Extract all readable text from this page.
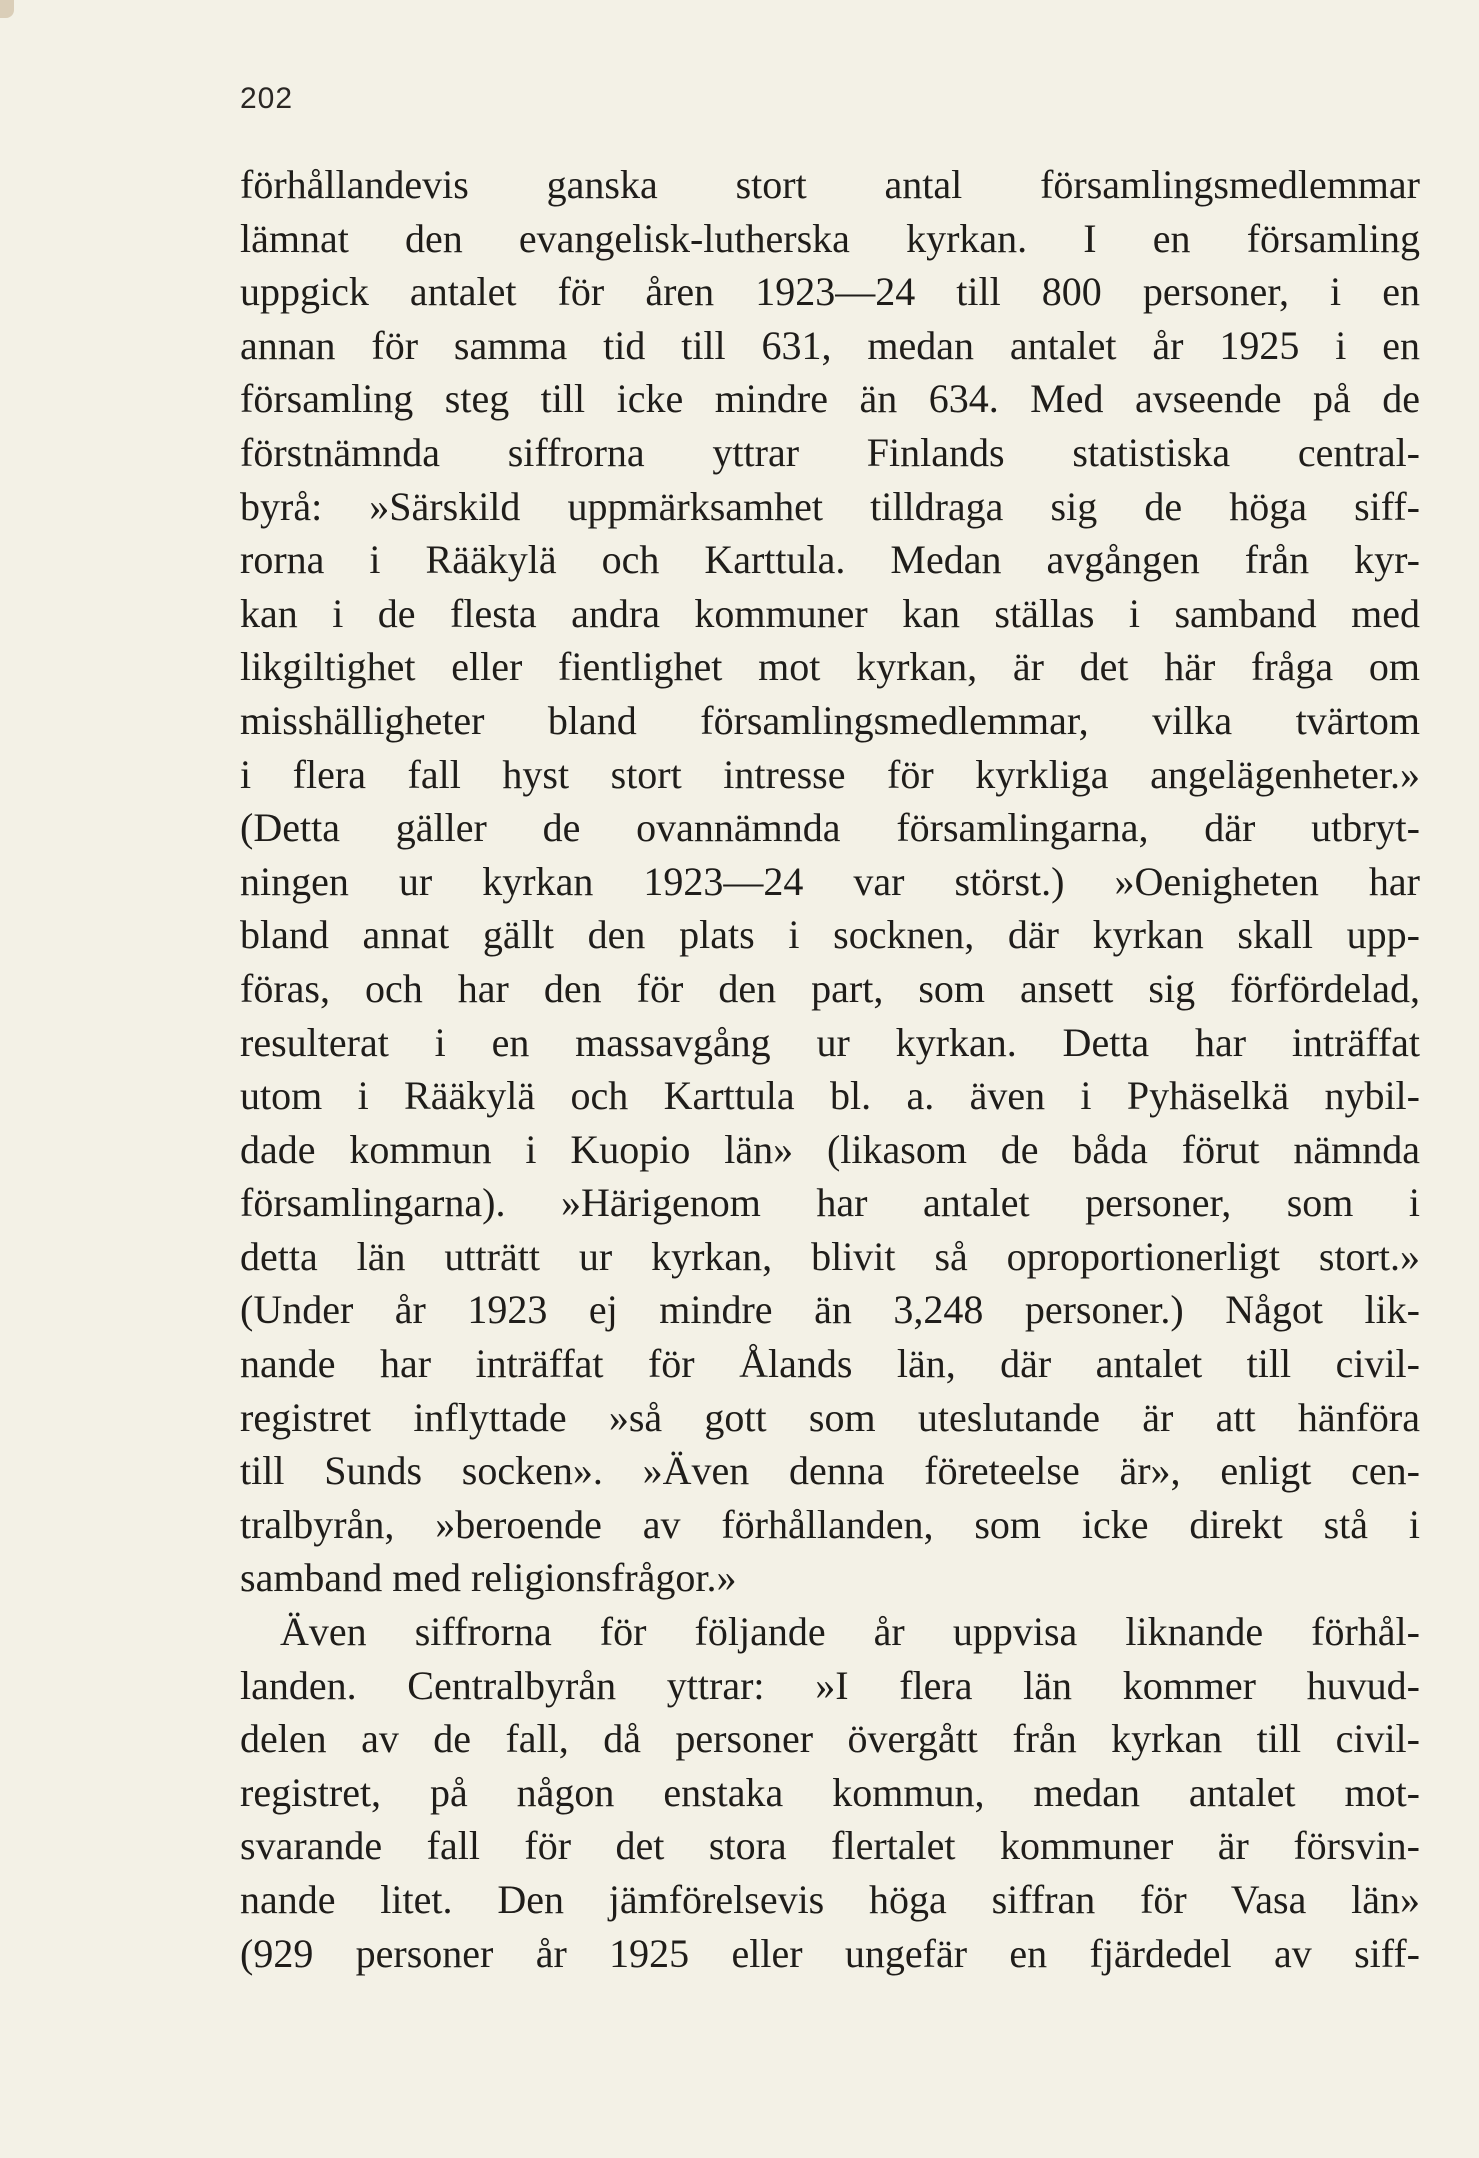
202
förhållandevis ganska stort antal församlingsmedlemmar
lämnat den evangelisk-lutherska kyrkan. I en församling
uppgick antalet för åren 1923—24 till 800 personer, i en
annan för samma tid till 631, medan antalet år 1925 i en
församling steg till icke mindre än 634. Med avseende på de
förstnämnda siffrorna yttrar Finlands statistiska central-
byrå: »Särskild uppmärksamhet tilldraga sig de höga siff-
rorna i Rääkylä och Karttula. Medan avgången från kyr-
kan i de flesta andra kommuner kan ställas i samband med
likgiltighet eller fientlighet mot kyrkan, är det här fråga om
misshälligheter bland församlingsmedlemmar, vilka tvärtom
i flera fall hyst stort intresse för kyrkliga angelägenheter.»
(Detta gäller de ovannämnda församlingarna, där utbryt-
ningen ur kyrkan 1923—24 var störst.) »Oenigheten har
bland annat gällt den plats i socknen, där kyrkan skall upp-
föras, och har den för den part, som ansett sig förfördelad,
resulterat i en massavgång ur kyrkan. Detta har inträffat
utom i Rääkylä och Karttula bl. a. även i Pyhäselkä nybil-
dade kommun i Kuopio län» (likasom de båda förut nämnda
församlingarna). »Härigenom har antalet personer, som i
detta län utträtt ur kyrkan, blivit så oproportionerligt stort.»
(Under år 1923 ej mindre än 3,248 personer.) Något lik-
nande har inträffat för Ålands län, där antalet till civil-
registret inflyttade »så gott som uteslutande är att hänföra
till Sunds socken». »Även denna företeelse är», enligt cen-
tralbyrån, »beroende av förhållanden, som icke direkt stå i
samband med religionsfrågor.»
Även siffrorna för följande år uppvisa liknande förhål-
landen. Centralbyrån yttrar: »I flera län kommer huvud-
delen av de fall, då personer övergått från kyrkan till civil-
registret, på någon enstaka kommun, medan antalet mot-
svarande fall för det stora flertalet kommuner är försvin-
nande litet. Den jämförelsevis höga siffran för Vasa län»
(929 personer år 1925 eller ungefär en fjärdedel av siff-
